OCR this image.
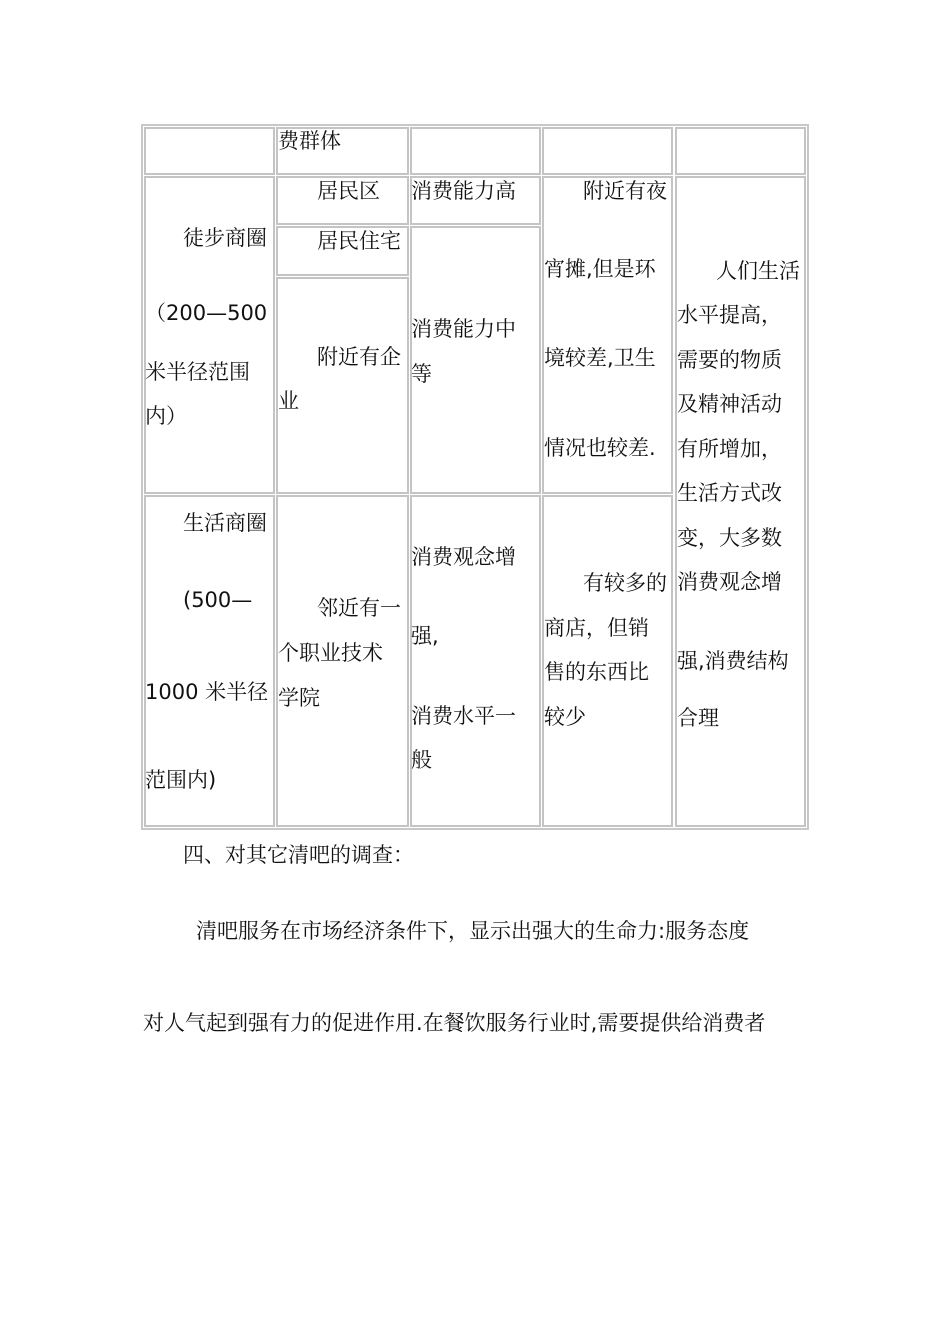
费群体
徒步商圈
（200—500
米半径范围
内）
居民区
居民住宅
附近有企
业
消费能力高
消费能力中
等
附近有夜
宵摊,但是环
境较差,卫生
情况也较差.
人们生活
水平提高，
需要的物质
及精神活动
有所增加，
生活方式改
变，大多数
消费观念增
强,消费结构
合理
生活商圈
(500—
1000 米半径
范围内)
邻近有一
个职业技术
学院
消费观念增
强,
消费水平一
般
有较多的
商店，但销
售的东西比
较少
四、对其它清吧的调查：
清吧服务在市场经济条件下，显示出强大的生命力:服务态度
对人气起到强有力的促进作用.在餐饮服务行业时,需要提供给消费者
